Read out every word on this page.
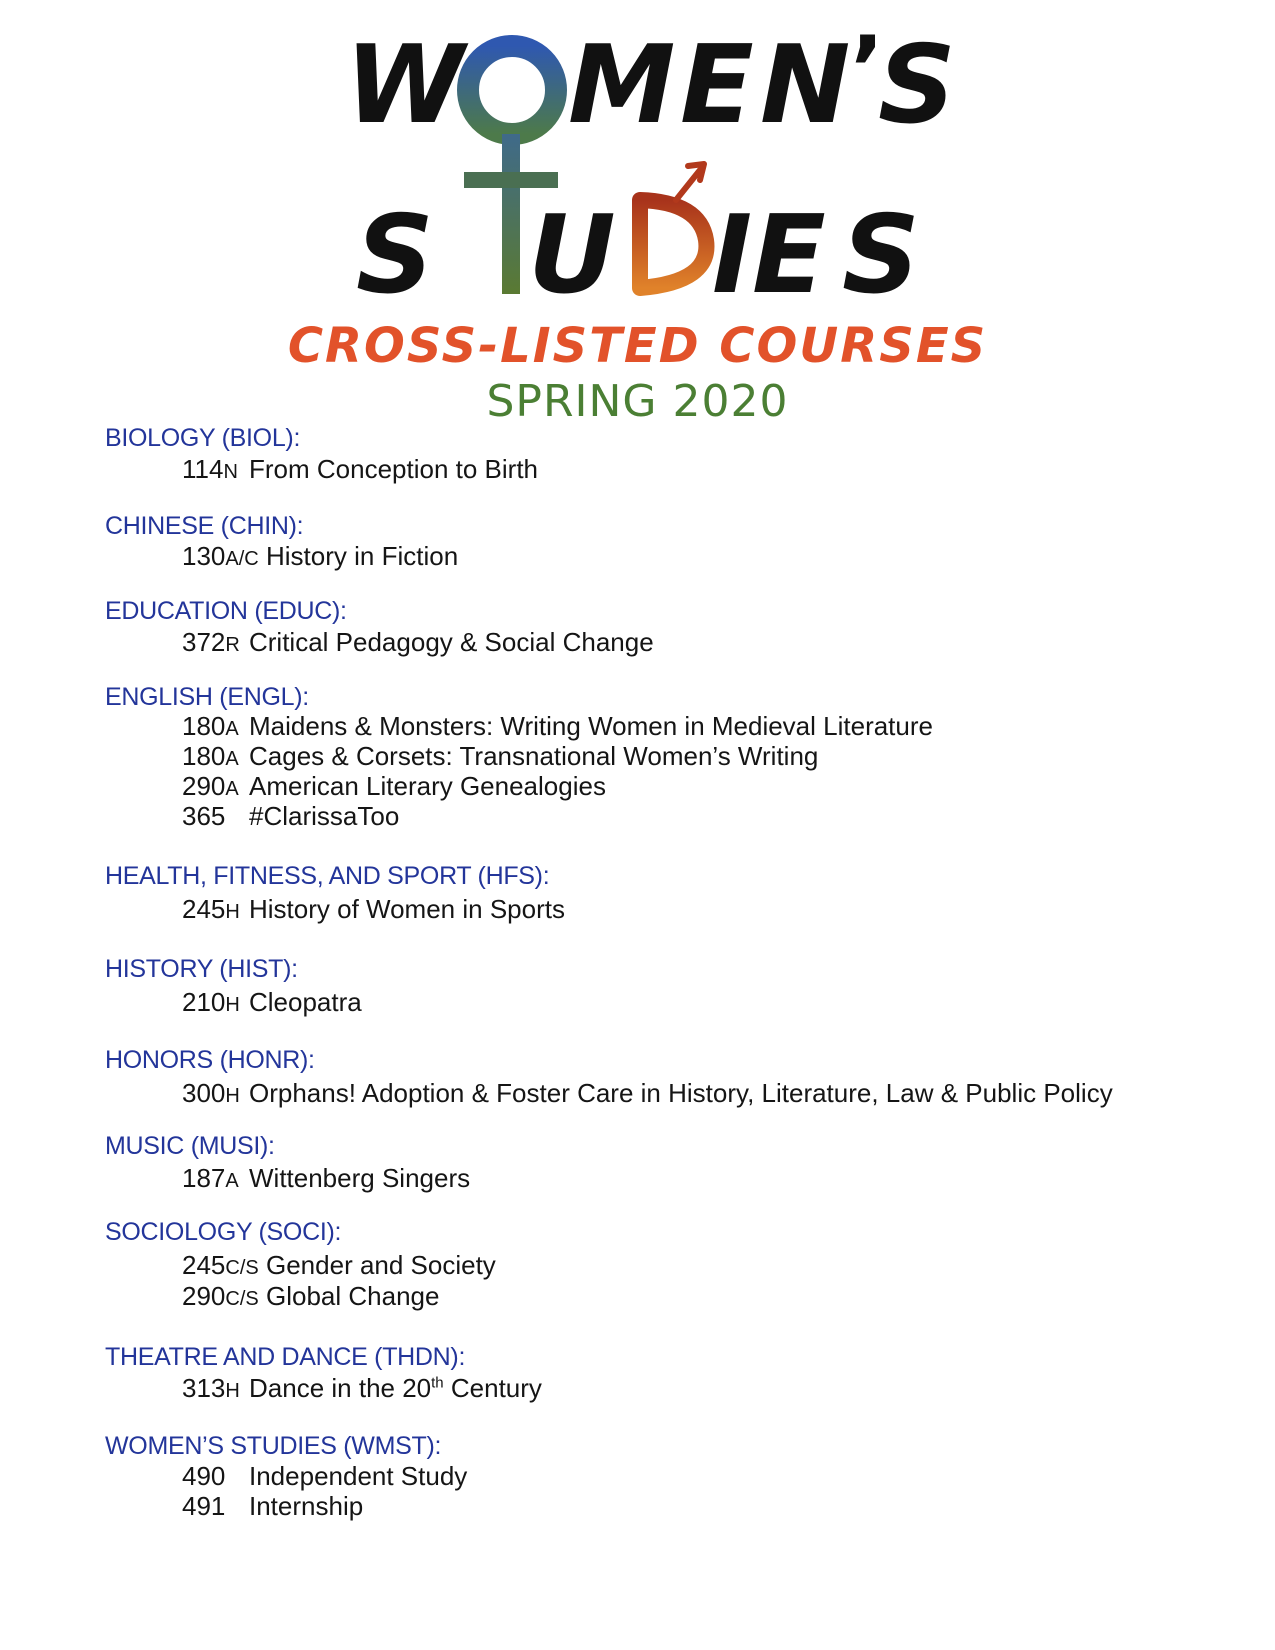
W M E N ’
S
S U I E S
CROSS-LISTED COURSES
SPRING 2020
BIOLOGY (BIOL):
114N From Conception to Birth
CHINESE (CHIN):
130A/C History in Fiction
EDUCATION (EDUC):
372R Critical Pedagogy & Social Change
ENGLISH (ENGL):
180A Maidens & Monsters: Writing Women in Medieval Literature
180A Cages & Corsets: Transnational Women’s Writing
290A American Literary Genealogies
365 #ClarissaToo
HEALTH, FITNESS, AND SPORT (HFS):
245H History of Women in Sports
HISTORY (HIST):
210H Cleopatra
HONORS (HONR):
300H Orphans! Adoption & Foster Care in History, Literature, Law & Public Policy
MUSIC (MUSI):
187A Wittenberg Singers
SOCIOLOGY (SOCI):
245C/S Gender and Society
290C/S Global Change
THEATRE AND DANCE (THDN):
313H Dance in the 20th Century
WOMEN’S STUDIES (WMST):
490 Independent Study
491 Internship
